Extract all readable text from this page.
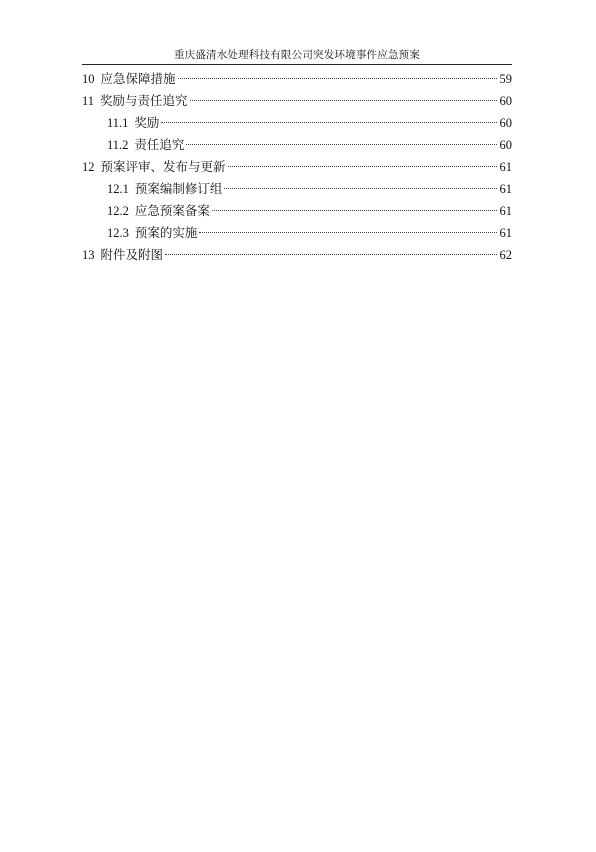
重庆盛清水处理科技有限公司突发环境事件应急预案
10 应急保障措施	59
11 奖励与责任追究	60
11.1 奖励	60
11.2 责任追究	60
12 预案评审、发布与更新	61
12.1 预案编制修订组	61
12.2 应急预案备案	61
12.3 预案的实施	61
13 附件及附图	62
